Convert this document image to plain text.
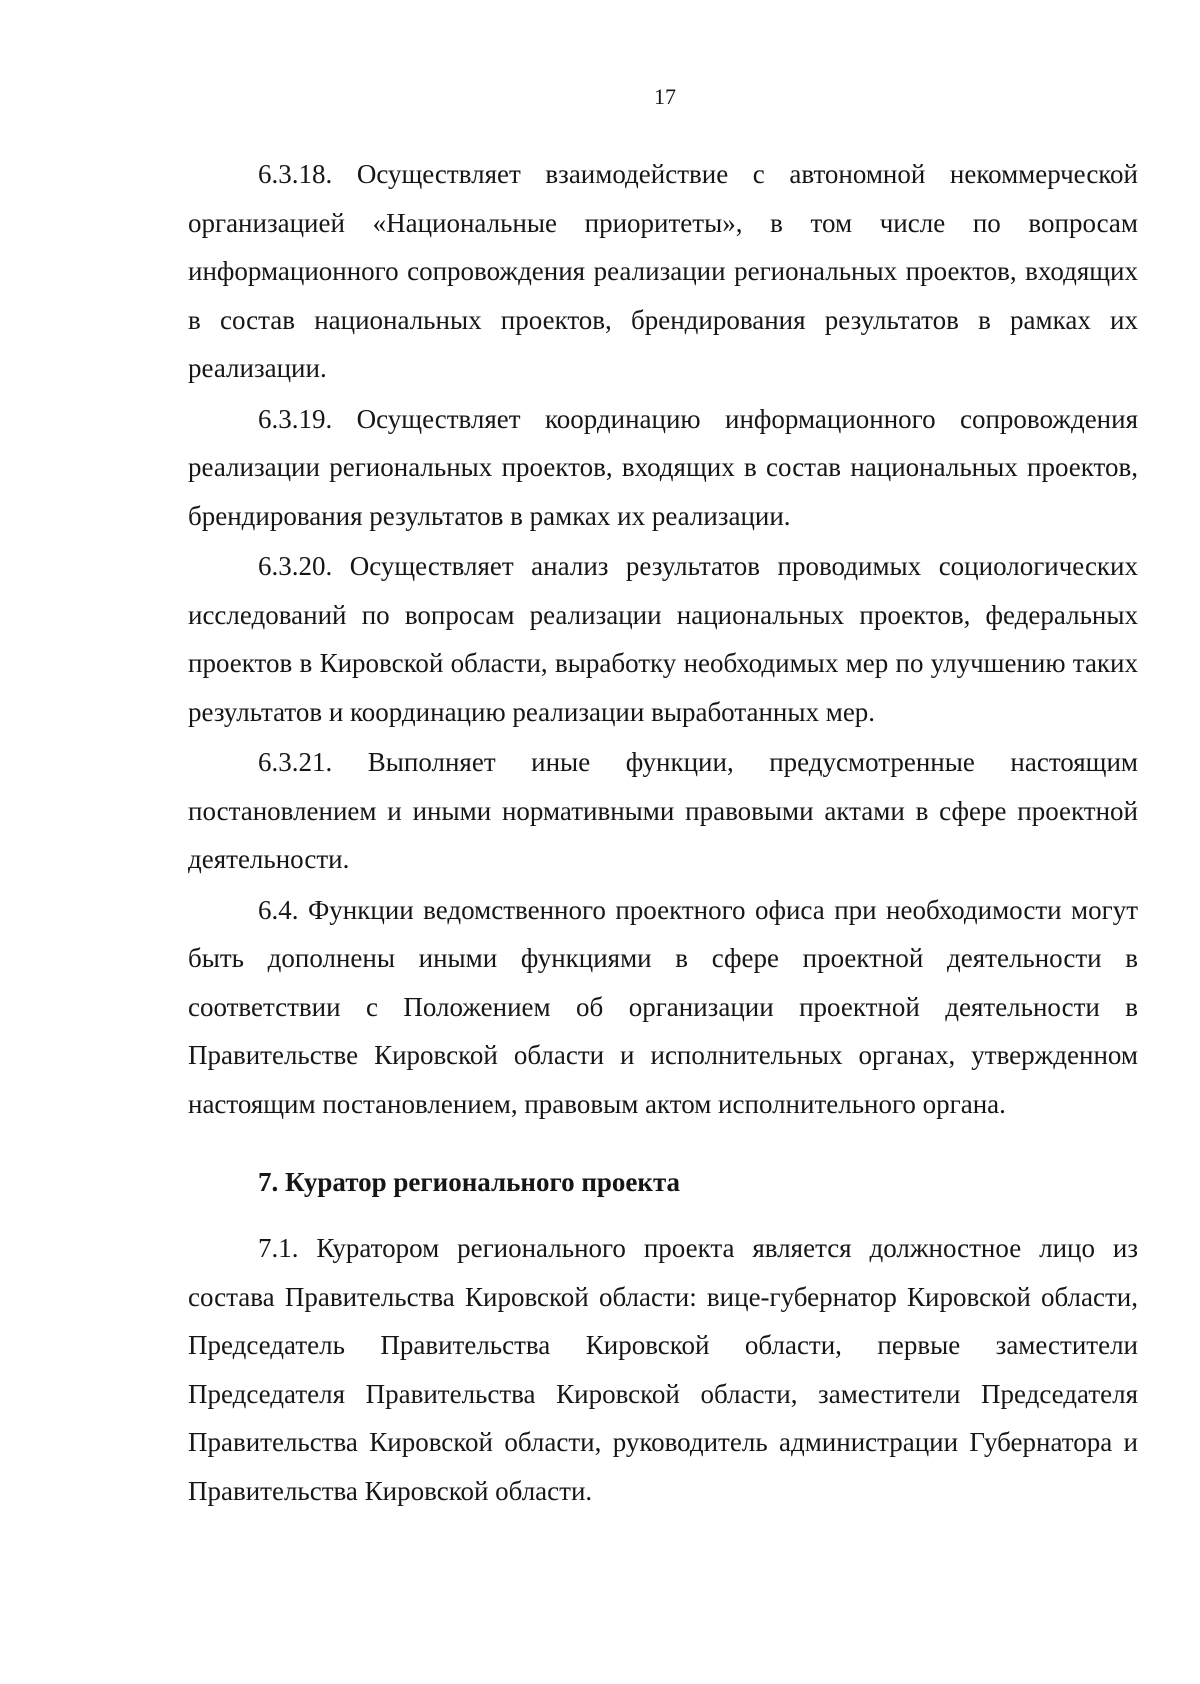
17

6.3.18. Осуществляет взаимодействие с автономной некоммерческой организацией «Национальные приоритеты», в том числе по вопросам информационного сопровождения реализации региональных проектов, входящих в состав национальных проектов, брендирования результатов в рамках их реализации.

6.3.19. Осуществляет координацию информационного сопровождения реализации региональных проектов, входящих в состав национальных проектов, брендирования результатов в рамках их реализации.

6.3.20. Осуществляет анализ результатов проводимых социологических исследований по вопросам реализации национальных проектов, федеральных проектов в Кировской области, выработку необходимых мер по улучшению таких результатов и координацию реализации выработанных мер.

6.3.21. Выполняет иные функции, предусмотренные настоящим постановлением и иными нормативными правовыми актами в сфере проектной деятельности.

6.4. Функции ведомственного проектного офиса при необходимости могут быть дополнены иными функциями в сфере проектной деятельности в соответствии с Положением об организации проектной деятельности в Правительстве Кировской области и исполнительных органах, утвержденном настоящим постановлением, правовым актом исполнительного органа.

7. Куратор регионального проекта

7.1. Куратором регионального проекта является должностное лицо из состава Правительства Кировской области: вице-губернатор Кировской области, Председатель Правительства Кировской области, первые заместители Председателя Правительства Кировской области, заместители Председателя Правительства Кировской области, руководитель администрации Губернатора и Правительства Кировской области.
